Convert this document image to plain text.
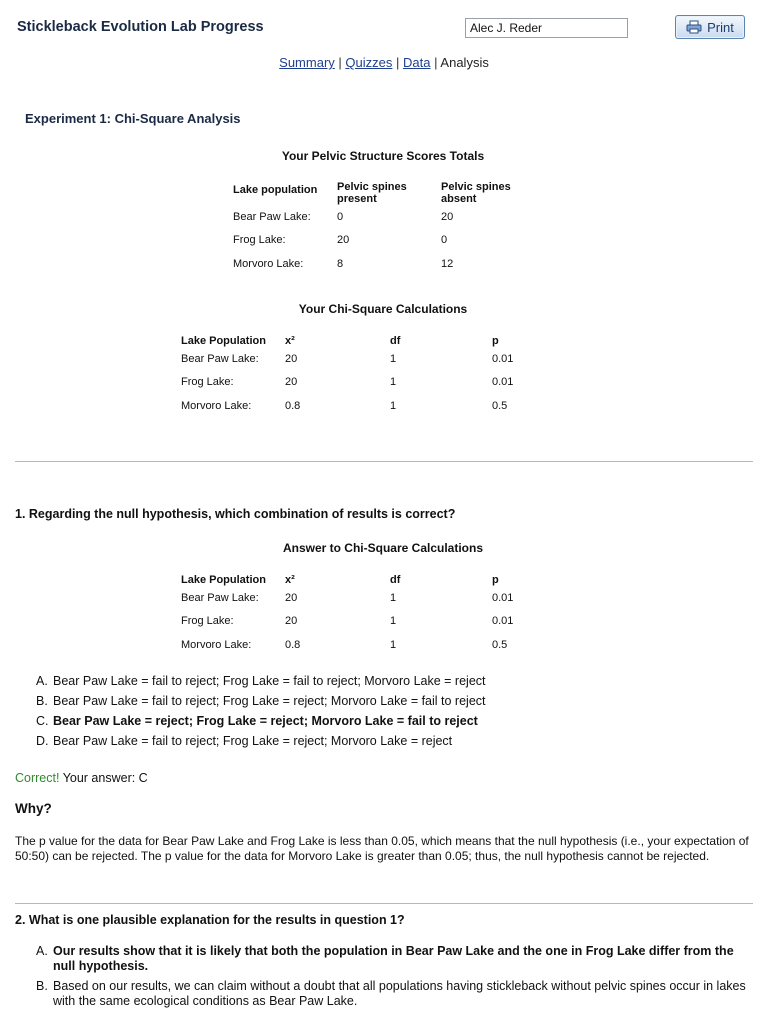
Stickleback Evolution Lab Progress
Alec J. Reder	Print
Summary | Quizzes | Data | Analysis
Experiment 1: Chi-Square Analysis
Your Pelvic Structure Scores Totals
Lake population	Pelvic spines present	Pelvic spines absent
Bear Paw Lake:	0	20
Frog Lake:	20	0
Morvoro Lake:	8	12
Your Chi-Square Calculations
Lake Population	x²	df	p
Bear Paw Lake:	20	1	0.01
Frog Lake:	20	1	0.01
Morvoro Lake:	0.8	1	0.5
1. Regarding the null hypothesis, which combination of results is correct?
Answer to Chi-Square Calculations
Lake Population	x²	df	p
Bear Paw Lake:	20	1	0.01
Frog Lake:	20	1	0.01
Morvoro Lake:	0.8	1	0.5
A. Bear Paw Lake = fail to reject; Frog Lake = fail to reject; Morvoro Lake = reject
B. Bear Paw Lake = fail to reject; Frog Lake = reject; Morvoro Lake = fail to reject
C. Bear Paw Lake = reject; Frog Lake = reject; Morvoro Lake = fail to reject
D. Bear Paw Lake = fail to reject; Frog Lake = reject; Morvoro Lake = reject
Correct! Your answer: C
Why?
The p value for the data for Bear Paw Lake and Frog Lake is less than 0.05, which means that the null hypothesis (i.e., your expectation of 50:50) can be rejected. The p value for the data for Morvoro Lake is greater than 0.05; thus, the null hypothesis cannot be rejected.
2. What is one plausible explanation for the results in question 1?
A. Our results show that it is likely that both the population in Bear Paw Lake and the one in Frog Lake differ from the null hypothesis.
B. Based on our results, we can claim without a doubt that all populations having stickleback without pelvic spines occur in lakes with the same ecological conditions as Bear Paw Lake.
